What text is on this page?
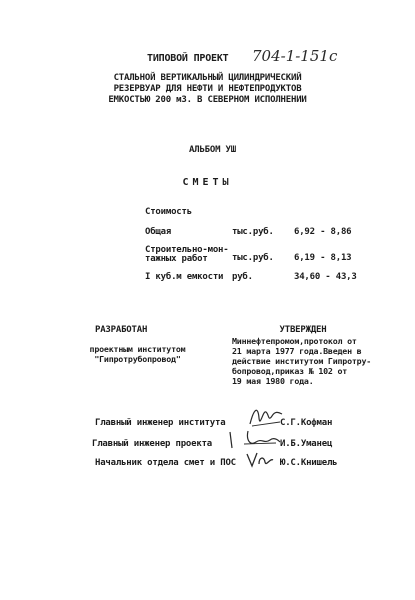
ТИПОВОЙ ПРОЕКТ 704-1-151c
СТАЛЬНОЙ ВЕРТИКАЛЬНЫЙ ЦИЛИНДРИЧЕСКИЙ
РЕЗЕРВУАР ДЛЯ НЕФТИ И НЕФТЕПРОДУКТОВ
ЕМКОСТЬЮ 200 м3. В СЕВЕРНОМ ИСПОЛНЕНИИ
АЛЬБОМ УШ
СМЕТЫ
Стоимость
Общая	тыс.руб. 6,92 - 8,86
Строительно-мон-
тажных работ	тыс.руб. 6,19 - 8,13
I куб.м емкости руб.	34,60 - 43,3
РАЗРАБОТАН
проектным институтом
"Гипротрубопровод"
УТВЕРЖДЕН
Миннефтепромом,протокол от
21 марта 1977 года.Введен в
действие институтом Гипротру-
бопровод,приказ № 102 от
19 мая 1980 года.
Главный инженер института	С.Г.Кофман
Главный инженер проекта	И.Б.Уманец
Начальник отдела смет и ПОС	Ю.С.Книшель
